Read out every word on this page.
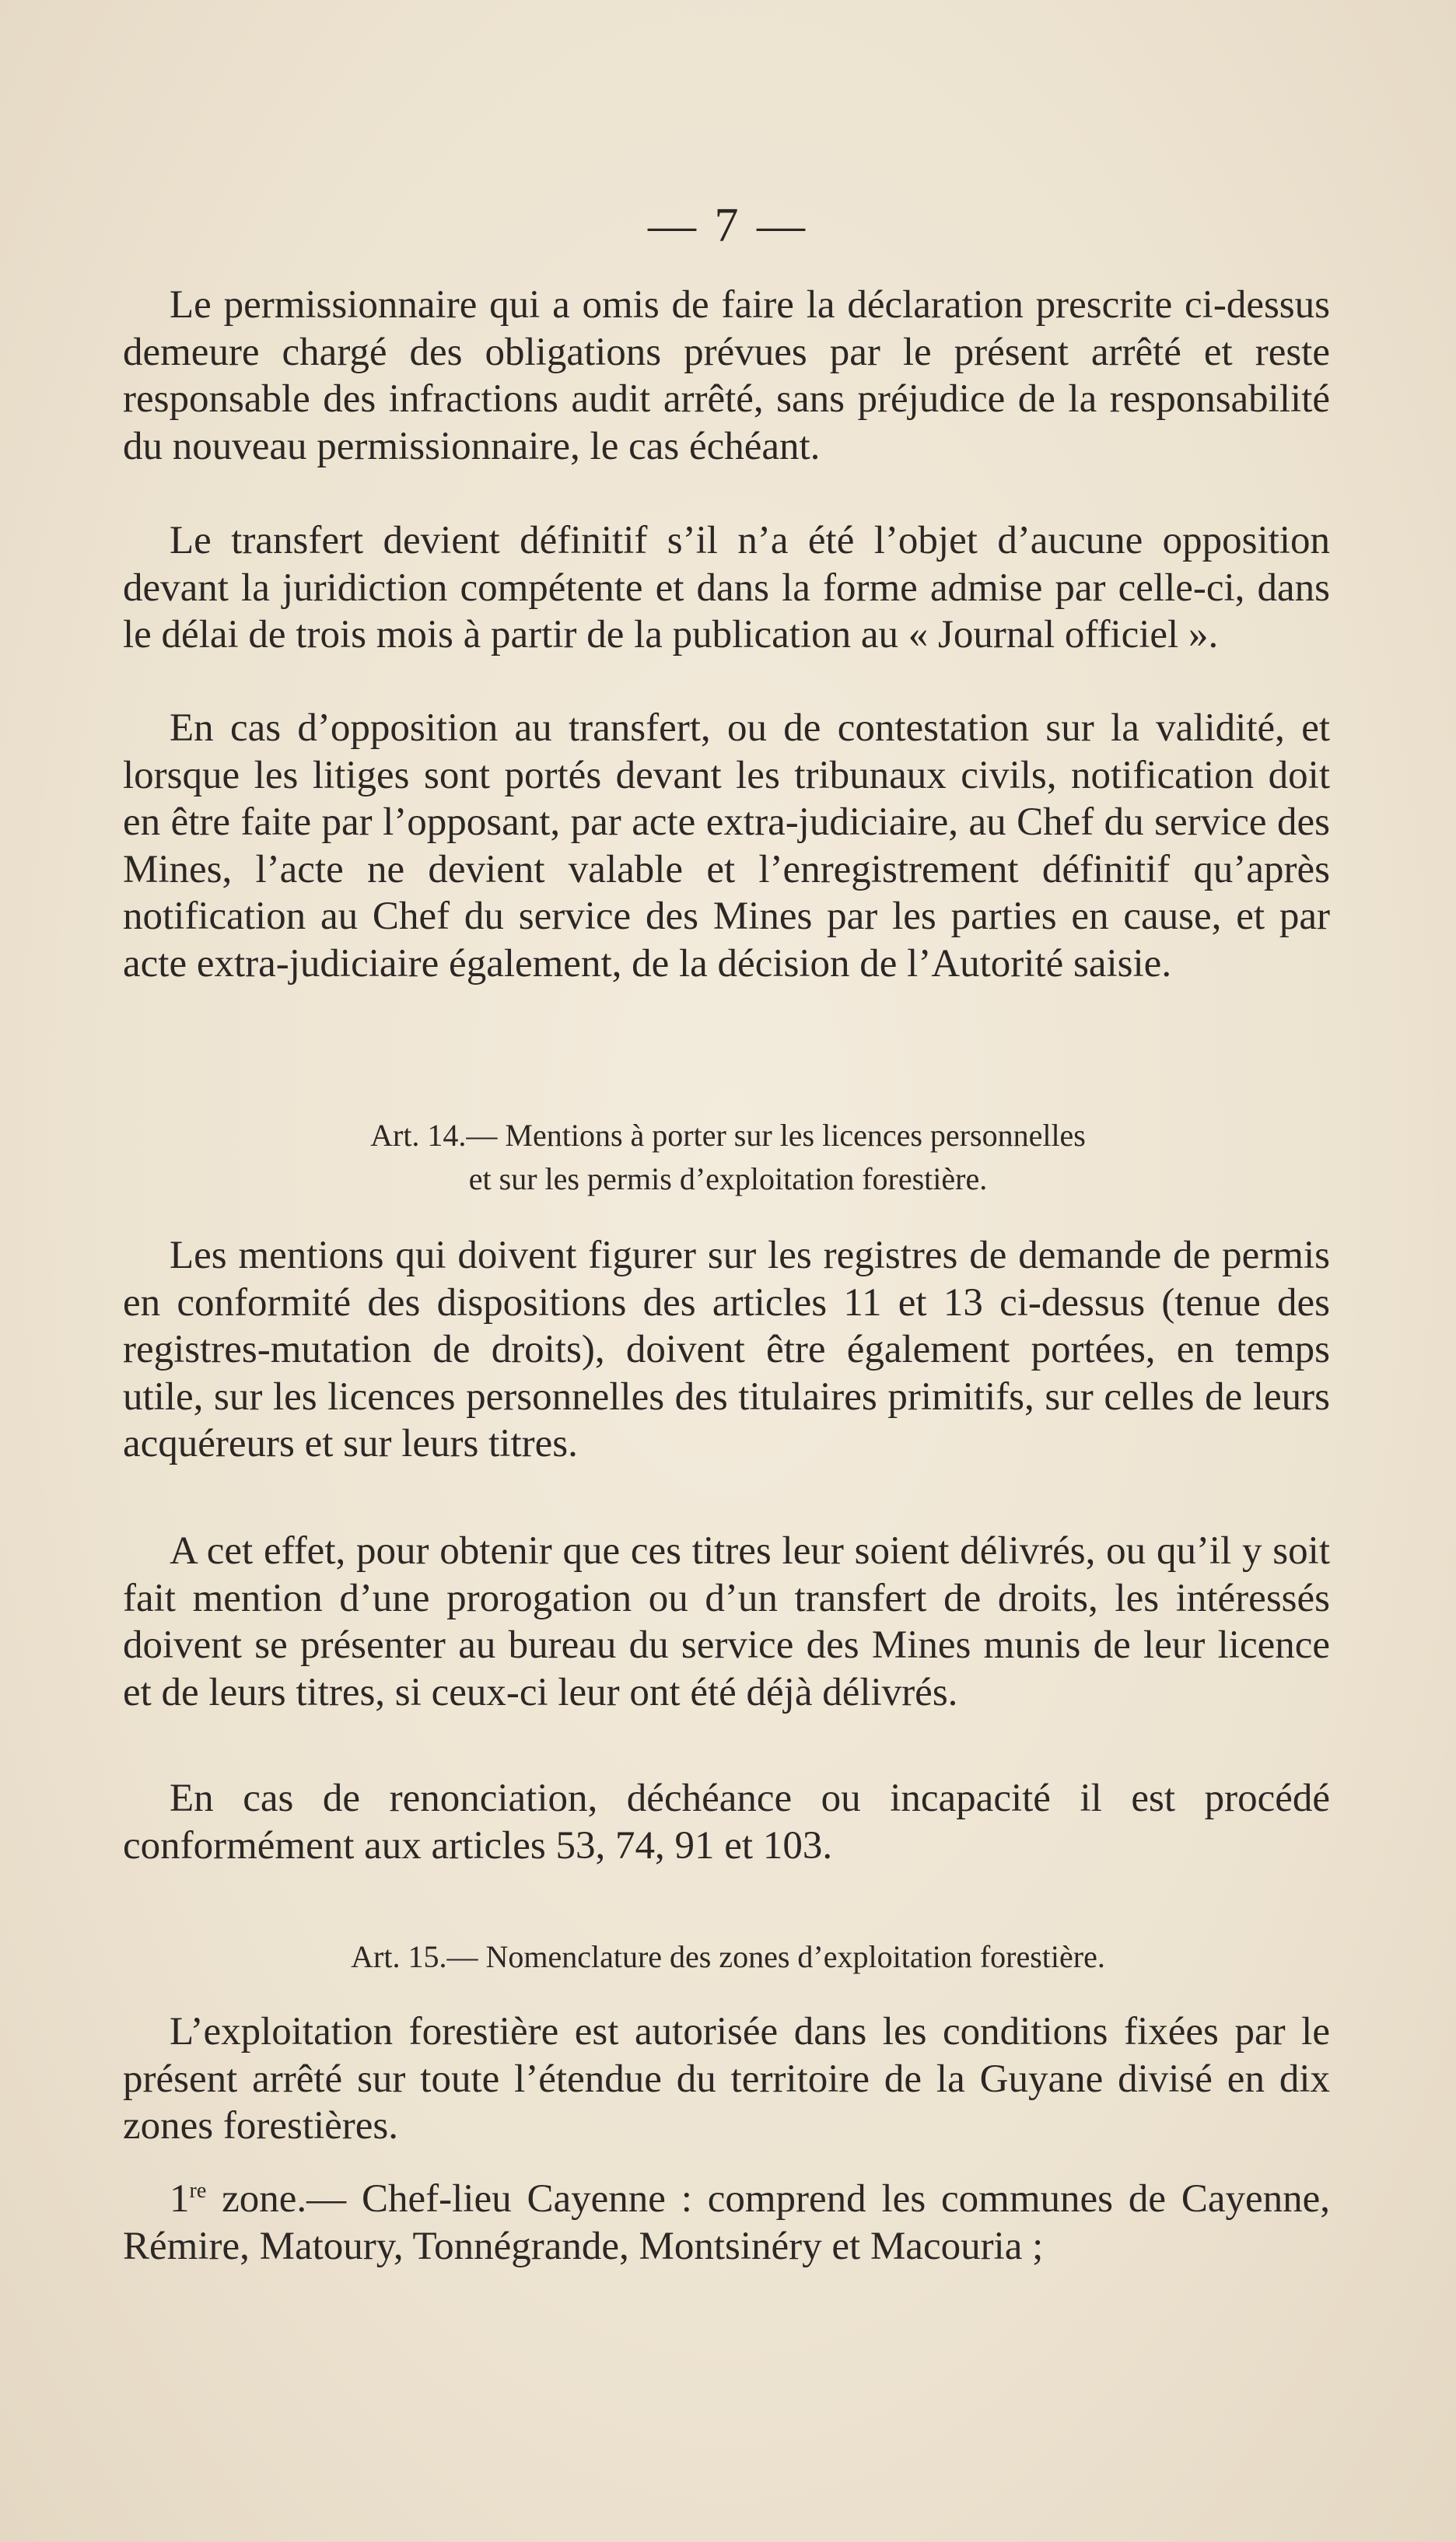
— 7 —

Le permissionnaire qui a omis de faire la déclaration prescrite ci-dessus demeure chargé des obligations prévues par le présent arrêté et reste responsable des infractions audit arrêté, sans préjudice de la responsabilité du nouveau permissionnaire, le cas échéant.

Le transfert devient définitif s’il n’a été l’objet d’aucune opposition devant la juridiction compétente et dans la forme admise par celle-ci, dans le délai de trois mois à partir de la publication au « Journal officiel ».

En cas d’opposition au transfert, ou de contestation sur la validité, et lorsque les litiges sont portés devant les tribunaux civils, notification doit en être faite par l’opposant, par acte extra-judiciaire, au Chef du service des Mines, l’acte ne devient valable et l’enregistrement définitif qu’après notification au Chef du service des Mines par les parties en cause, et par acte extra-judiciaire également, de la décision de l’Autorité saisie.

Art. 14.— Mentions à porter sur les licences personnelles
et sur les permis d’exploitation forestière.

Les mentions qui doivent figurer sur les registres de demande de permis en conformité des dispositions des articles 11 et 13 ci-dessus (tenue des registres-mutation de droits), doivent être également portées, en temps utile, sur les licences personnelles des titulaires primitifs, sur celles de leurs acquéreurs et sur leurs titres.

A cet effet, pour obtenir que ces titres leur soient délivrés, ou qu’il y soit fait mention d’une prorogation ou d’un transfert de droits, les intéressés doivent se présenter au bureau du service des Mines munis de leur licence et de leurs titres, si ceux-ci leur ont été déjà délivrés.

En cas de renonciation, déchéance ou incapacité il est procédé conformément aux articles 53, 74, 91 et 103.

Art. 15.— Nomenclature des zones d’exploitation forestière.

L’exploitation forestière est autorisée dans les conditions fixées par le présent arrêté sur toute l’étendue du territoire de la Guyane divisé en dix zones forestières.

1re zone.— Chef-lieu Cayenne : comprend les communes de Cayenne, Rémire, Matoury, Tonnégrande, Montsinéry et Macouria ;
